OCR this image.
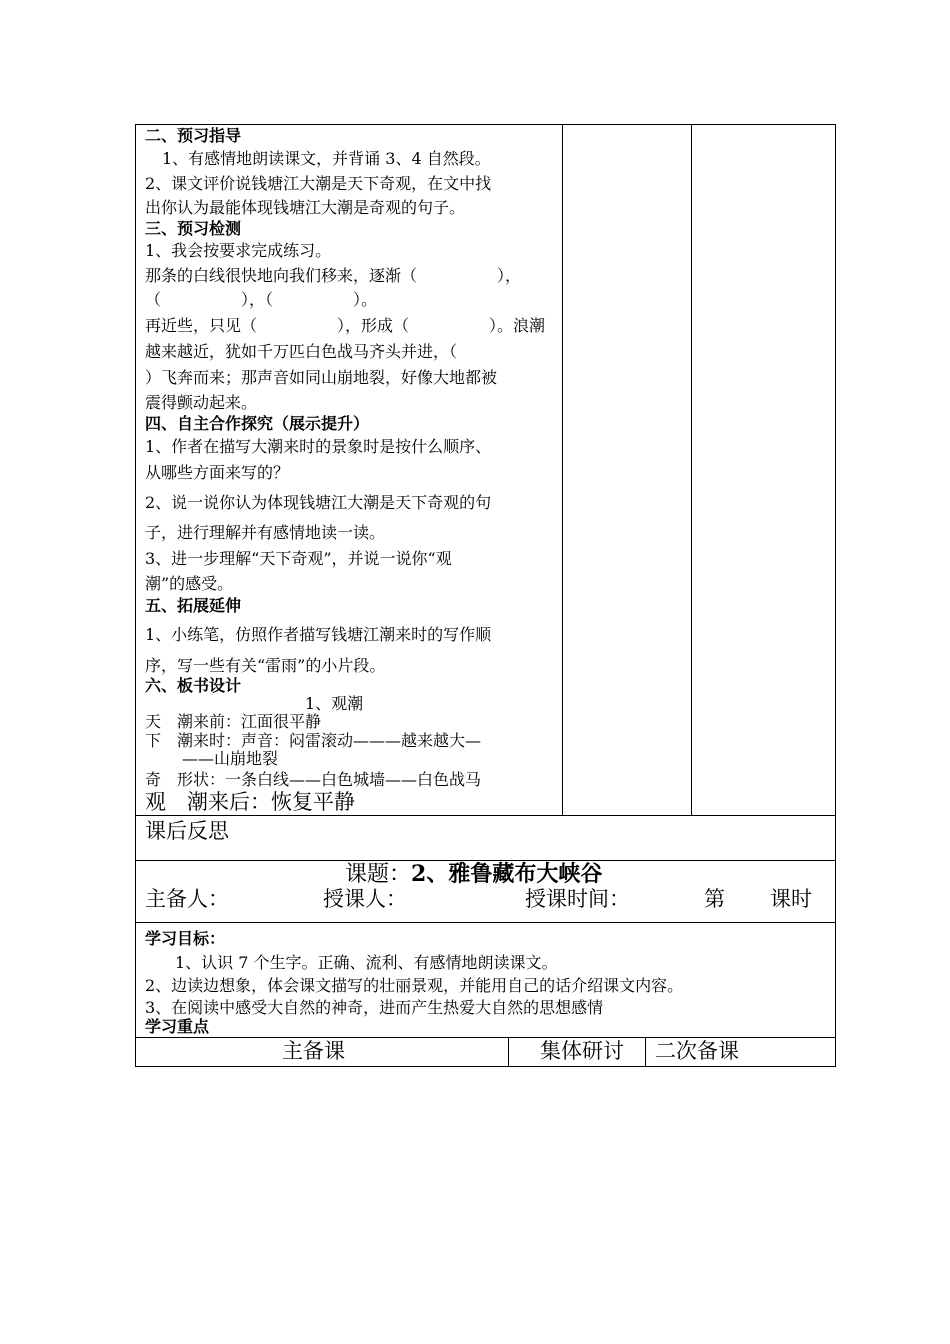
二、预习指导
1、有感情地朗读课文，并背诵 3、4 自然段。
2、课文评价说钱塘江大潮是天下奇观，在文中找
出你认为最能体现钱塘江大潮是奇观的句子。
三、预习检测
1、我会按要求完成练习。
那条的白线很快地向我们移来，逐渐（　　　　　），
（　　　　　），（　　　　　）。
再近些，只见（　　　　　），形成（　　　　　）。浪潮
越来越近，犹如千万匹白色战马齐头并进，（
）飞奔而来；那声音如同山崩地裂，好像大地都被
震得颤动起来。
四、自主合作探究（展示提升）
1、作者在描写大潮来时的景象时是按什么顺序、
从哪些方面来写的？
2、说一说你认为体现钱塘江大潮是天下奇观的句
子，进行理解并有感情地读一读。
3、进一步理解“天下奇观”，并说一说你“观
潮”的感受。
五、拓展延伸
1、小练笔，仿照作者描写钱塘江潮来时的写作顺
序，写一些有关“雷雨”的小片段。
六、板书设计
1、观潮
天　潮来前：江面很平静
下　潮来时：声音：闷雷滚动———越来越大—
——山崩地裂
奇　形状：一条白线——白色城墙——白色战马
观　潮来后：恢复平静
课后反思
课题：2、雅鲁藏布大峡谷
主备人：	授课人：	授课时间：	第 课时
学习目标：
1、认识 7 个生字。正确、流利、有感情地朗读课文。
2、边读边想象，体会课文描写的壮丽景观，并能用自己的话介绍课文内容。
3、在阅读中感受大自然的神奇，进而产生热爱大自然的思想感情
学习重点
主备课	集体研讨 二次备课
